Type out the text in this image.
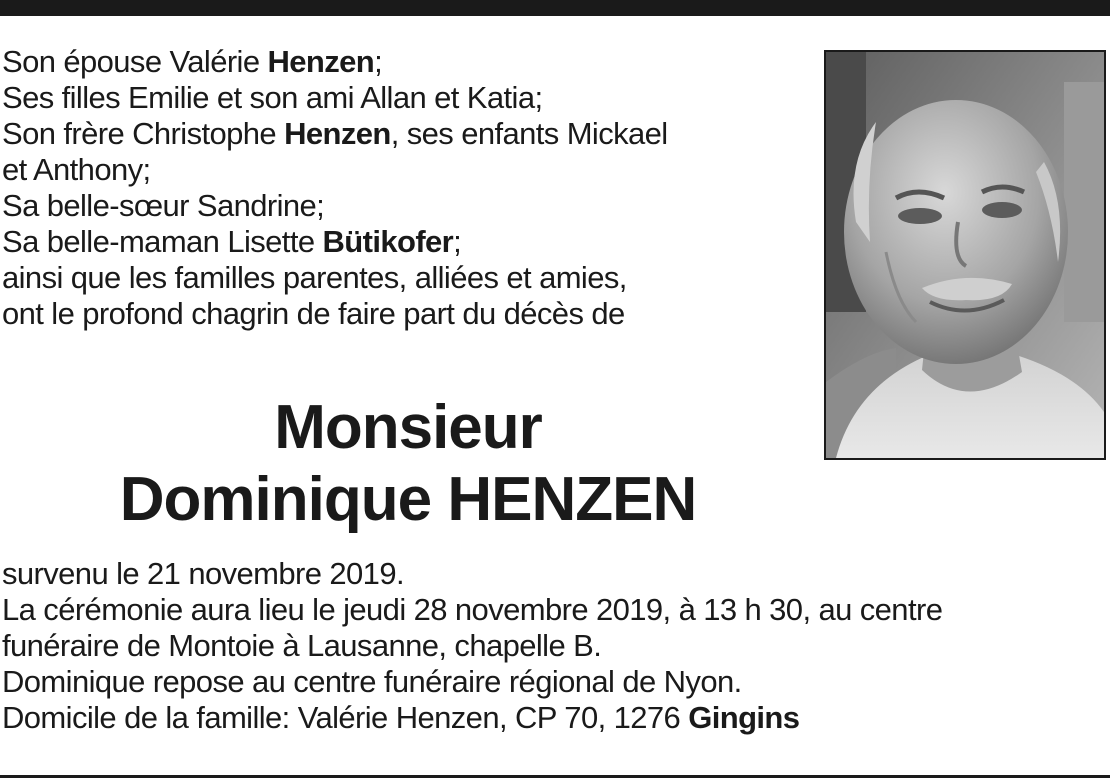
Son épouse Valérie Henzen;

Ses filles Emilie et son ami Allan et Katia;

Son frère Christophe Henzen, ses enfants Mickael

et Anthony;

Sa belle-sœur Sandrine;

Sa belle-maman Lisette Bütikofer;

ainsi que les familles parentes, alliées et amies,

ont le profond chagrin de faire part du décès de

Monsieur
Dominique HENZEN

survenu le 21 novembre 2019.

La cérémonie aura lieu le jeudi 28 novembre 2019, à 13 h 30, au centre

funéraire de Montoie à Lausanne, chapelle B.

Dominique repose au centre funéraire régional de Nyon.

Domicile de la famille: Valérie Henzen, CP 70, 1276 Gingins
